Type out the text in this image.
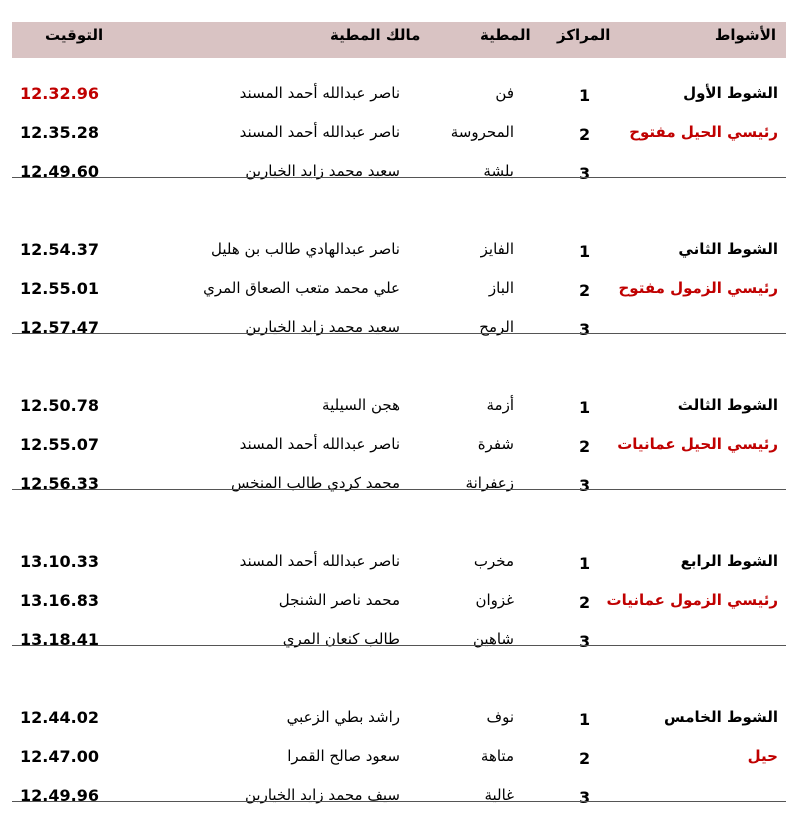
الأشواط
المراكز
المطية
مالك المطية
التوقيت
الشوط الأول
رئيسي الحيل مفتوح
1
فن
ناصر عبدالله أحمد المسند
12.32.96
2
المحروسة
ناصر عبدالله أحمد المسند
12.35.28
3
بلشة
سعيد محمد زايد الخيارين
12.49.60
الشوط الثاني
رئيسي الزمول مفتوح
1
الفايز
ناصر عبدالهادي طالب بن هليل
12.54.37
2
الباز
علي محمد متعب الصعاق المري
12.55.01
3
الرمح
سعيد محمد زايد الخيارين
12.57.47
الشوط الثالث
رئيسي الحيل عمانيات
1
أزمة
هجن السيلية
12.50.78
2
شفرة
ناصر عبدالله أحمد المسند
12.55.07
3
زعفرانة
محمد كردي طالب المنخس
12.56.33
الشوط الرابع
رئيسي الزمول عمانيات
1
مخرب
ناصر عبدالله أحمد المسند
13.10.33
2
غزوان
محمد ناصر الشنجل
13.16.83
3
شاهين
طالب كنعان المري
13.18.41
الشوط الخامس
حيل
1
نوف
راشد بطي الزعبي
12.44.02
2
متاهة
سعود صالح القمرا
12.47.00
3
غالية
سيف محمد زايد الخيارين
12.49.96
